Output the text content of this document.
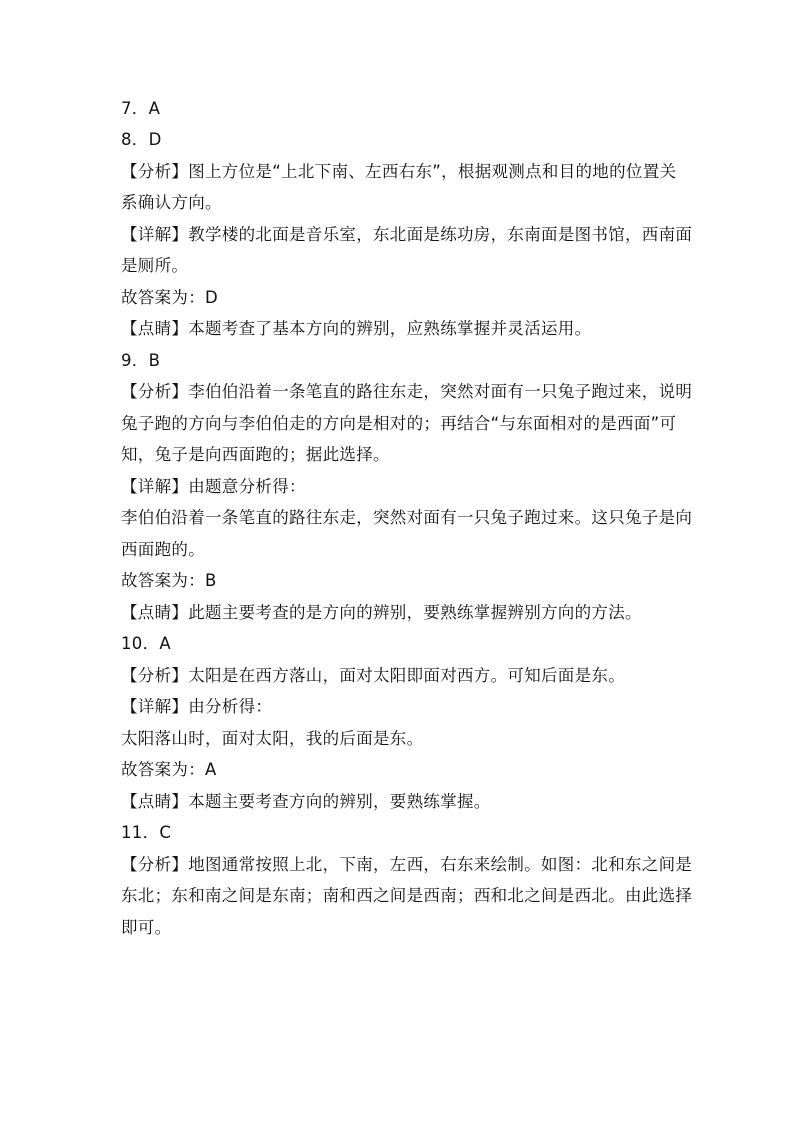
7．A
8．D
【分析】图上方位是“上北下南、左西右东”，根据观测点和目的地的位置关
系确认方向。
【详解】教学楼的北面是音乐室，东北面是练功房，东南面是图书馆，西南面
是厕所。
故答案为：D
【点睛】本题考查了基本方向的辨别，应熟练掌握并灵活运用。
9．B
【分析】李伯伯沿着一条笔直的路往东走，突然对面有一只兔子跑过来，说明
兔子跑的方向与李伯伯走的方向是相对的；再结合“与东面相对的是西面”可
知，兔子是向西面跑的；据此选择。
【详解】由题意分析得：
李伯伯沿着一条笔直的路往东走，突然对面有一只兔子跑过来。这只兔子是向
西面跑的。
故答案为：B
【点睛】此题主要考查的是方向的辨别，要熟练掌握辨别方向的方法。
10．A
【分析】太阳是在西方落山，面对太阳即面对西方。可知后面是东。
【详解】由分析得：
太阳落山时，面对太阳，我的后面是东。
故答案为：A
【点睛】本题主要考查方向的辨别，要熟练掌握。
11．C
【分析】地图通常按照上北，下南，左西，右东来绘制。如图：北和东之间是
东北；东和南之间是东南；南和西之间是西南；西和北之间是西北。由此选择
即可。
